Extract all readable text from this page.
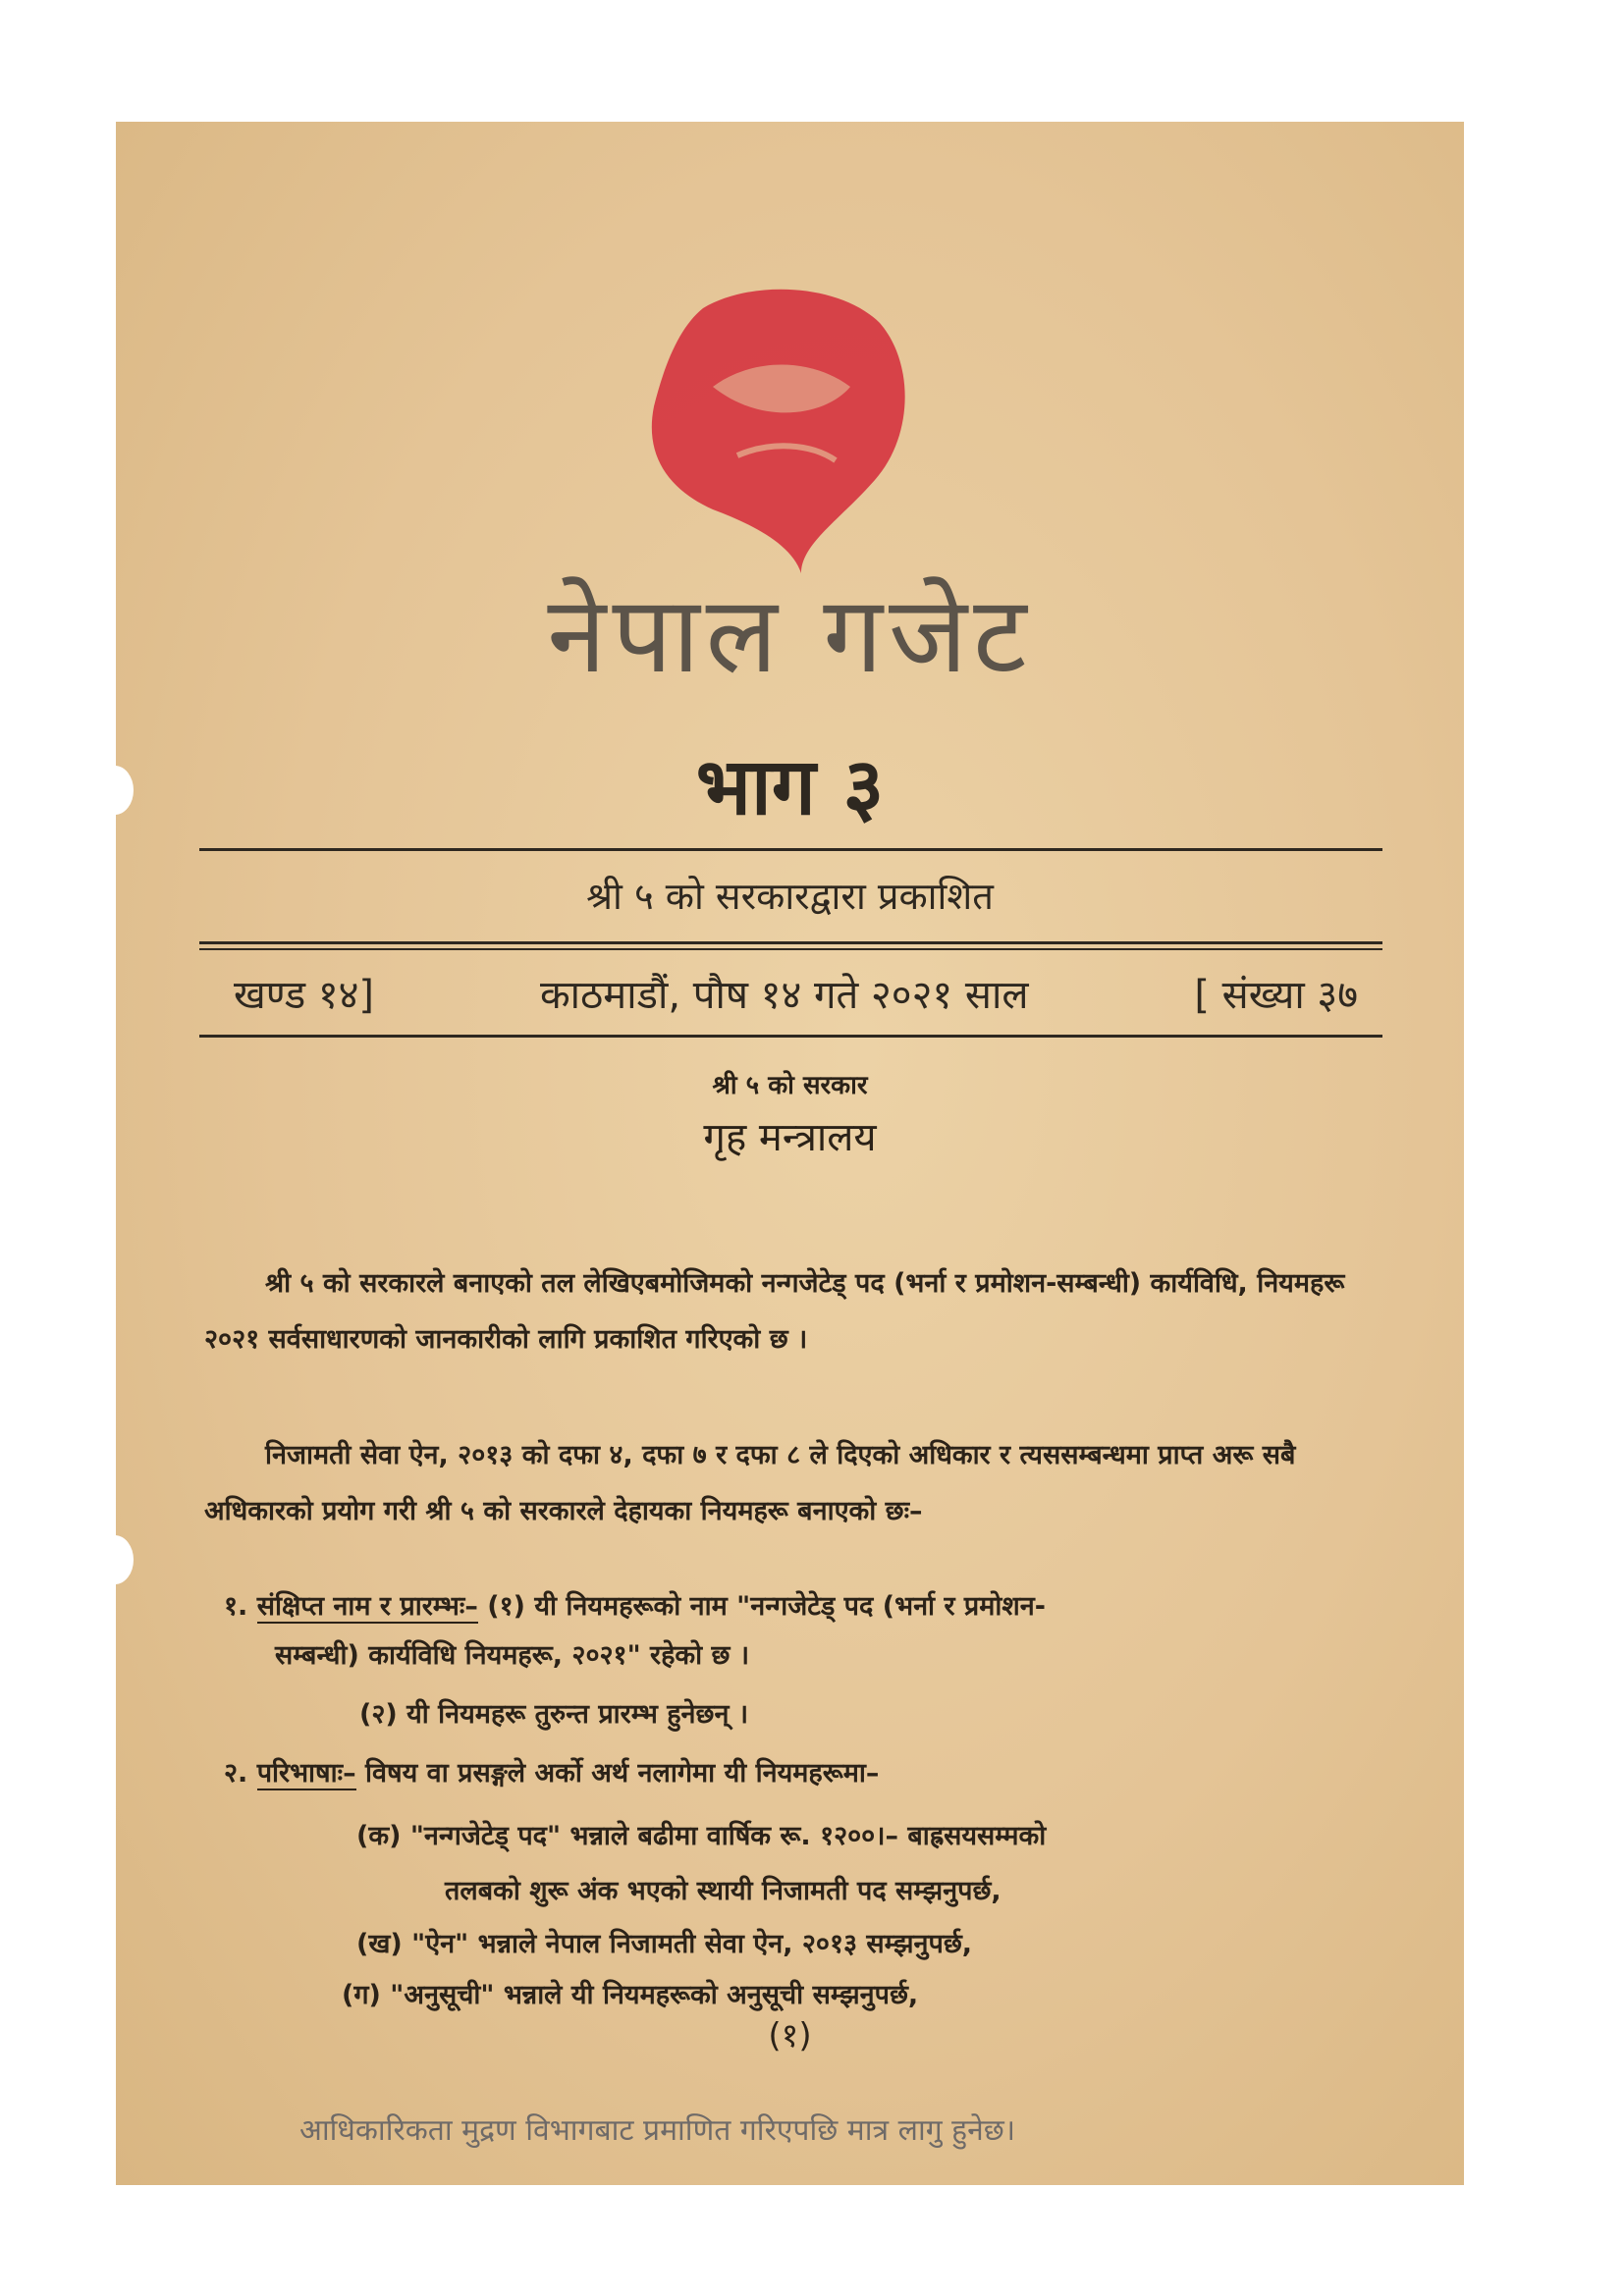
नेपाल गजेट
भाग ३
श्री ५ को सरकारद्वारा प्रकाशित
खण्ड १४]	काठमाडौं, पौष १४ गते २०२१ साल	[ संख्या ३७
श्री ५ को सरकार
गृह मन्त्रालय
श्री ५ को सरकारले बनाएको तल लेखिएबमोजिमको नन्गजेटेड् पद (भर्ना र प्रमोशन-सम्बन्धी) कार्यविधि, नियमहरू २०२१ सर्वसाधारणको जानकारीको लागि प्रकाशित गरिएको छ ।
निजामती सेवा ऐन, २०१३ को दफा ४, दफा ७ र दफा ८ ले दिएको अधिकार र त्यससम्बन्धमा प्राप्त अरू सबै अधिकारको प्रयोग गरी श्री ५ को सरकारले देहायका नियमहरू बनाएको छः–
१. संक्षिप्त नाम र प्रारम्भः– (१) यी नियमहरूको नाम "नन्गजेटेड् पद (भर्ना र प्रमोशन-
सम्बन्धी) कार्यविधि नियमहरू, २०२१" रहेको छ ।
(२) यी नियमहरू तुरुन्त प्रारम्भ हुनेछन् ।
२. परिभाषाः– विषय वा प्रसङ्गले अर्को अर्थ नलागेमा यी नियमहरूमा–
(क) "नन्गजेटेड् पद" भन्नाले बढीमा वार्षिक रू. १२००।– बाह्रसयसम्मको
तलबको शुरू अंक भएको स्थायी निजामती पद सम्झनुपर्छ,
(ख) "ऐन" भन्नाले नेपाल निजामती सेवा ऐन, २०१३ सम्झनुपर्छ,
(ग) "अनुसूची" भन्नाले यी नियमहरूको अनुसूची सम्झनुपर्छ,
(१)
आधिकारिकता मुद्रण विभागबाट प्रमाणित गरिएपछि मात्र लागु हुनेछ।
